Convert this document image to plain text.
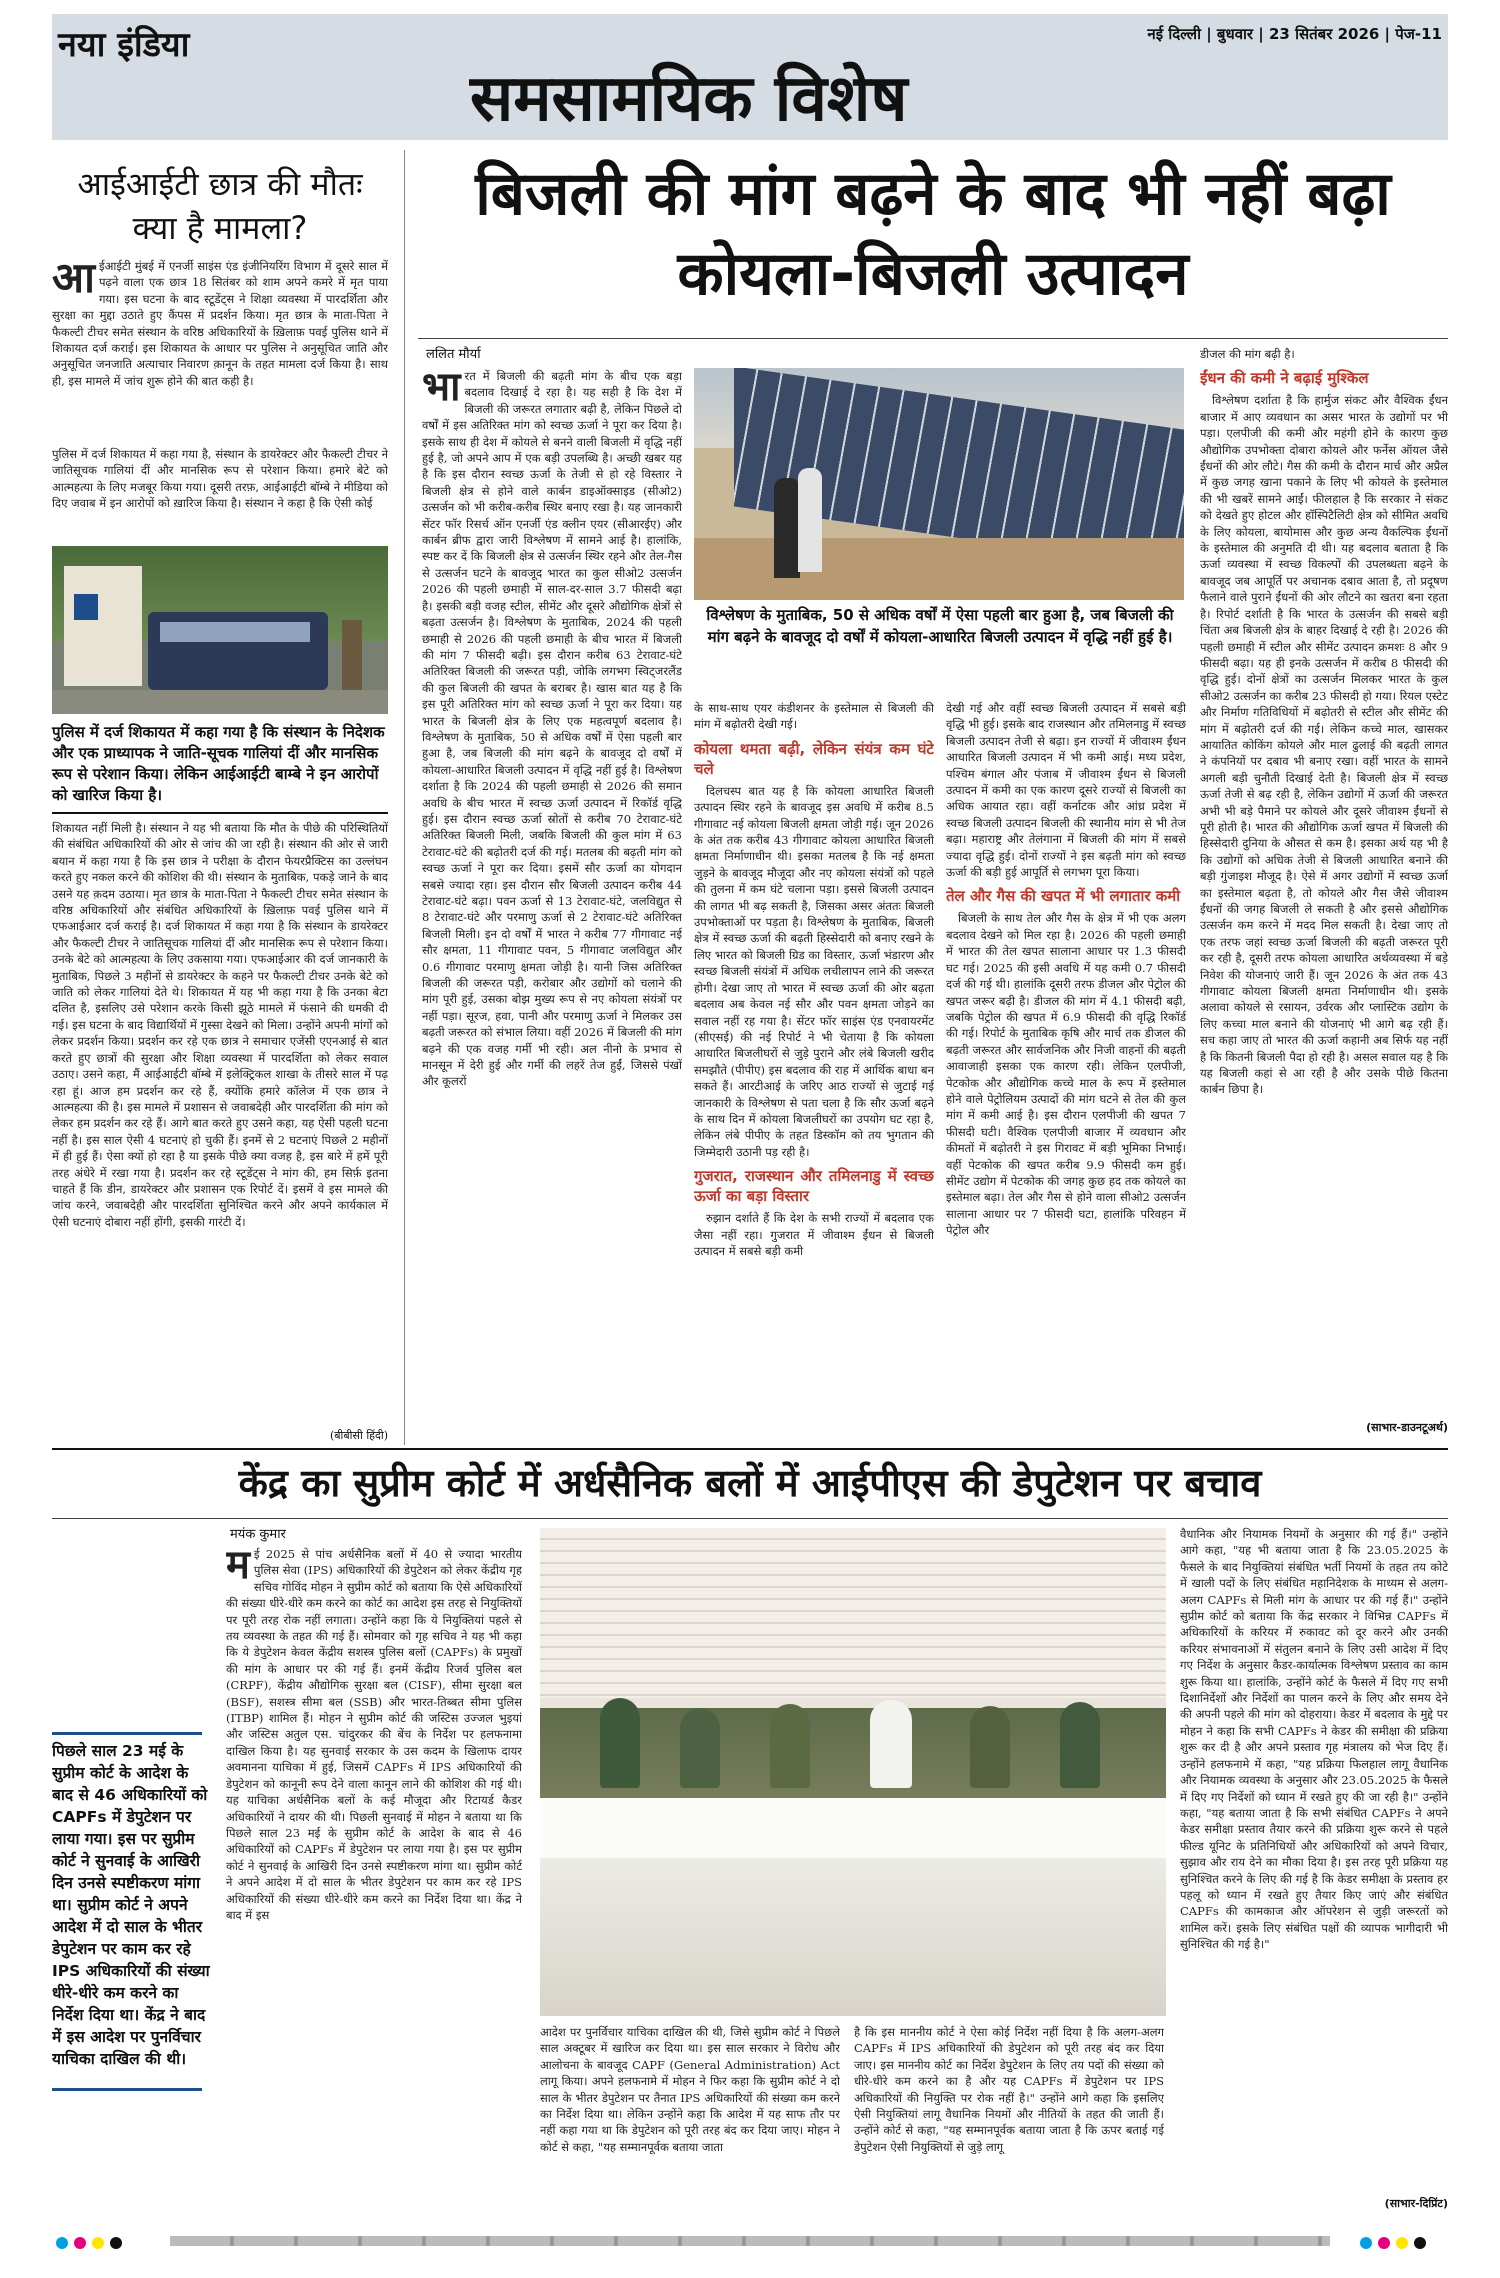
नया इंडिया	नई दिल्ली | बुधवार | 23 सितंबर 2026 | पेज-11
समसामयिक विशेष
आईआईटी छात्र की मौतः क्या है मामला?
आ ईआईटी मुंबई में एनर्जी साइंस एंड इंजीनियरिंग विभाग में दूसरे साल में पढ़ने वाला एक छात्र 18 सितंबर को शाम अपने कमरे में मृत पाया गया। इस घटना के बाद स्टूडेंट्स ने शिक्षा व्यवस्था में पारदर्शिता और सुरक्षा का मुद्दा उठाते हुए कैंपस में प्रदर्शन किया। मृत छात्र के माता-पिता ने फैकल्टी टीचर समेत संस्थान के वरिष्ठ अधिकारियों के ख़िलाफ़ पवई पुलिस थाने में शिकायत दर्ज कराई। इस शिकायत के आधार पर पुलिस ने अनुसूचित जाति और अनुसूचित जनजाति अत्याचार निवारण क़ानून के तहत मामला दर्ज किया है। साथ ही, इस मामले में जांच शुरू होने की बात कही है।
पुलिस में दर्ज शिकायत में कहा गया है, संस्थान के डायरेक्टर और फैकल्टी टीचर ने जातिसूचक गालियां दीं और मानसिक रूप से परेशान किया। हमारे बेटे को आत्महत्या के लिए मजबूर किया गया। दूसरी तरफ़, आईआईटी बॉम्बे ने मीडिया को दिए जवाब में इन आरोपों को ख़ारिज किया है। संस्थान ने कहा है कि ऐसी कोई
पुलिस में दर्ज शिकायत में कहा गया है कि संस्थान के निदेशक और एक प्राध्यापक ने जाति-सूचक गालियां दीं और मानसिक रूप से परेशान किया। लेकिन आईआईटी बाम्बे ने इन आरोपों को खारिज किया है।
शिकायत नहीं मिली है। संस्थान ने यह भी बताया कि मौत के पीछे की परिस्थितियों की संबंधित अधिकारियों की ओर से जांच की जा रही है। संस्थान की ओर से जारी बयान में कहा गया है कि इस छात्र ने परीक्षा के दौरान फेयरप्रैक्टिस का उल्लंघन करते हुए नकल करने की कोशिश की थी। संस्थान के मुताबिक, पकड़े जाने के बाद उसने यह क़दम उठाया। मृत छात्र के माता-पिता ने फैकल्टी टीचर समेत संस्थान के वरिष्ठ अधिकारियों और संबंधित अधिकारियों के ख़िलाफ़ पवई पुलिस थाने में एफआईआर दर्ज कराई है। दर्ज शिकायत में कहा गया है कि संस्थान के डायरेक्टर और फैकल्टी टीचर ने जातिसूचक गालियां दीं और मानसिक रूप से परेशान किया। उनके बेटे को आत्महत्या के लिए उकसाया गया। एफआईआर की दर्ज जानकारी के मुताबिक, पिछले 3 महीनों से डायरेक्टर के कहने पर फैकल्टी टीचर उनके बेटे को जाति को लेकर गालियां देते थे। शिकायत में यह भी कहा गया है कि उनका बेटा दलित है, इसलिए उसे परेशान करके किसी झूठे मामले में फंसाने की धमकी दी गई। इस घटना के बाद विद्यार्थियों में गुस्सा देखने को मिला। उन्होंने अपनी मांगों को लेकर प्रदर्शन किया। प्रदर्शन कर रहे एक छात्र ने समाचार एजेंसी एएनआई से बात करते हुए छात्रों की सुरक्षा और शिक्षा व्यवस्था में पारदर्शिता को लेकर सवाल उठाए। उसने कहा, मैं आईआईटी बॉम्बे में इलेक्ट्रिकल शाखा के तीसरे साल में पढ़ रहा हूं। आज हम प्रदर्शन कर रहे हैं, क्योंकि हमारे कॉलेज में एक छात्र ने आत्महत्या की है। इस मामले में प्रशासन से जवाबदेही और पारदर्शिता की मांग को लेकर हम प्रदर्शन कर रहे हैं। आगे बात करते हुए उसने कहा, यह ऐसी पहली घटना नहीं है। इस साल ऐसी 4 घटनाएं हो चुकी हैं। इनमें से 2 घटनाएं पिछले 2 महीनों में ही हुई हैं। ऐसा क्यों हो रहा है या इसके पीछे क्या वजह है, इस बारे में हमें पूरी तरह अंधेरे में रखा गया है। प्रदर्शन कर रहे स्टूडेंट्स ने मांग की, हम सिर्फ़ इतना चाहते हैं कि डीन, डायरेक्टर और प्रशासन एक रिपोर्ट दें। इसमें वे इस मामले की जांच करने, जवाबदेही और पारदर्शिता सुनिश्चित करने और अपने कार्यकाल में ऐसी घटनाएं दोबारा नहीं होंगी, इसकी गारंटी दें।
(बीबीसी हिंदी)
बिजली की मांग बढ़ने के बाद भी नहीं बढ़ा कोयला-बिजली उत्पादन
ललित मौर्या
भा रत में बिजली की बढ़ती मांग के बीच एक बड़ा बदलाव दिखाई दे रहा है। यह सही है कि देश में बिजली की जरूरत लगातार बढ़ी है, लेकिन पिछले दो वर्षों में इस अतिरिक्त मांग को स्वच्छ ऊर्जा ने पूरा कर दिया है। इसके साथ ही देश में कोयले से बनने वाली बिजली में वृद्धि नहीं हुई है, जो अपने आप में एक बड़ी उपलब्धि है। अच्छी खबर यह है कि इस दौरान स्वच्छ ऊर्जा के तेजी से हो रहे विस्तार ने बिजली क्षेत्र से होने वाले कार्बन डाइऑक्साइड (सीओ2) उत्सर्जन को भी करीब-करीब स्थिर बनाए रखा है। यह जानकारी सेंटर फॉर रिसर्च ऑन एनर्जी एंड क्लीन एयर (सीआरईए) और कार्बन ब्रीफ द्वारा जारी विश्लेषण में सामने आई है। हालांकि, स्पष्ट कर दें कि बिजली क्षेत्र से उत्सर्जन स्थिर रहने और तेल-गैस से उत्सर्जन घटने के बावजूद भारत का कुल सीओ2 उत्सर्जन 2026 की पहली छमाही में साल-दर-साल 3.7 फीसदी बढ़ा है। इसकी बड़ी वजह स्टील, सीमेंट और दूसरे औद्योगिक क्षेत्रों से बढ़ता उत्सर्जन है। विश्लेषण के मुताबिक, 2024 की पहली छमाही से 2026 की पहली छमाही के बीच भारत में बिजली की मांग 7 फीसदी बढ़ी। इस दौरान करीब 63 टेरावाट-घंटे अतिरिक्त बिजली की जरूरत पड़ी, जोकि लगभग स्विट्जरलैंड की कुल बिजली की खपत के बराबर है। खास बात यह है कि इस पूरी अतिरिक्त मांग को स्वच्छ ऊर्जा ने पूरा कर दिया। यह भारत के बिजली क्षेत्र के लिए एक महत्वपूर्ण बदलाव है। विश्लेषण के मुताबिक, 50 से अधिक वर्षों में ऐसा पहली बार हुआ है, जब बिजली की मांग बढ़ने के बावजूद दो वर्षों में कोयला-आधारित बिजली उत्पादन में वृद्धि नहीं हुई है। विश्लेषण दर्शाता है कि 2024 की पहली छमाही से 2026 की समान अवधि के बीच भारत में स्वच्छ ऊर्जा उत्पादन में रिकॉर्ड वृद्धि हुई। इस दौरान स्वच्छ ऊर्जा स्रोतों से करीब 70 टेरावाट-घंटे अतिरिक्त बिजली मिली, जबकि बिजली की कुल मांग में 63 टेरावाट-घंटे की बढ़ोतरी दर्ज की गई। मतलब की बढ़ती मांग को स्वच्छ ऊर्जा ने पूरा कर दिया। इसमें सौर ऊर्जा का योगदान सबसे ज्यादा रहा। इस दौरान सौर बिजली उत्पादन करीब 44 टेरावाट-घंटे बढ़ा। पवन ऊर्जा से 13 टेरावाट-घंटे, जलविद्युत से 8 टेरावाट-घंटे और परमाणु ऊर्जा से 2 टेरावाट-घंटे अतिरिक्त बिजली मिली। इन दो वर्षों में भारत ने करीब 77 गीगावाट नई सौर क्षमता, 11 गीगावाट पवन, 5 गीगावाट जलविद्युत और 0.6 गीगावाट परमाणु क्षमता जोड़ी है। यानी जिस अतिरिक्त बिजली की जरूरत पड़ी, करोबार और उद्योगों को चलाने की मांग पूरी हुई, उसका बोझ मुख्य रूप से नए कोयला संयंत्रों पर नहीं पड़ा। सूरज, हवा, पानी और परमाणु ऊर्जा ने मिलकर उस बढ़ती जरूरत को संभाल लिया। वहीं 2026 में बिजली की मांग बढ़ने की एक वजह गर्मी भी रही। अल नीनो के प्रभाव से मानसून में देरी हुई और गर्मी की लहरें तेज हुईं, जिससे पंखों और कूलरों
विश्लेषण के मुताबिक, 50 से अधिक वर्षों में ऐसा पहली बार हुआ है, जब बिजली की मांग बढ़ने के बावजूद दो वर्षों में कोयला-आधारित बिजली उत्पादन में वृद्धि नहीं हुई है।

के साथ-साथ एयर कंडीशनर के इस्तेमाल से बिजली की मांग में बढ़ोतरी देखी गई।

कोयला थमता बढ़ी, लेकिन संयंत्र कम घंटे चले

दिलचस्प बात यह है कि कोयला आधारित बिजली उत्पादन स्थिर रहने के बावजूद इस अवधि में करीब 8.5 गीगावाट नई कोयला बिजली क्षमता जोड़ी गई। जून 2026 के अंत तक करीब 43 गीगावाट कोयला आधारित बिजली क्षमता निर्माणाधीन थी। इसका मतलब है कि नई क्षमता जुड़ने के बावजूद मौजूदा और नए कोयला संयंत्रों को पहले की तुलना में कम घंटे चलाना पड़ा। इससे बिजली उत्पादन की लागत भी बढ़ सकती है, जिसका असर अंततः बिजली उपभोक्ताओं पर पड़ता है। विश्लेषण के मुताबिक, बिजली क्षेत्र में स्वच्छ ऊर्जा की बढ़ती हिस्सेदारी को बनाए रखने के लिए भारत को बिजली ग्रिड का विस्तार, ऊर्जा भंडारण और स्वच्छ बिजली संयंत्रों में अधिक लचीलापन लाने की जरूरत होगी। देखा जाए तो भारत में स्वच्छ ऊर्जा की ओर बढ़ता बदलाव अब केवल नई सौर और पवन क्षमता जोड़ने का सवाल नहीं रह गया है। सेंटर फॉर साइंस एंड एनवायरमेंट (सीएसई) की नई रिपोर्ट ने भी चेताया है कि कोयला आधारित बिजलीघरों से जुड़े पुराने और लंबे बिजली खरीद समझौते (पीपीए) इस बदलाव की राह में आर्थिक बाधा बन सकते हैं। आरटीआई के जरिए आठ राज्यों से जुटाई गई जानकारी के विश्लेषण से पता चला है कि सौर ऊर्जा बढ़ने के साथ दिन में कोयला बिजलीघरों का उपयोग घट रहा है, लेकिन लंबे पीपीए के तहत डिस्कॉम को तय भुगतान की जिम्मेदारी उठानी पड़ रही है।

गुजरात, राजस्थान और तमिलनाडु में स्वच्छ ऊर्जा का बड़ा विस्तार

रुझान दर्शाते हैं कि देश के सभी राज्यों में बदलाव एक जैसा नहीं रहा। गुजरात में जीवाश्म ईंधन से बिजली उत्पादन में सबसे बड़ी कमी

देखी गई और वहीं स्वच्छ बिजली उत्पादन में सबसे बड़ी वृद्धि भी हुई। इसके बाद राजस्थान और तमिलनाडु में स्वच्छ बिजली उत्पादन तेजी से बढ़ा। इन राज्यों में जीवाश्म ईंधन आधारित बिजली उत्पादन में भी कमी आई। मध्य प्रदेश, पश्चिम बंगाल और पंजाब में जीवाश्म ईंधन से बिजली उत्पादन में कमी का एक कारण दूसरे राज्यों से बिजली का अधिक आयात रहा। वहीं कर्नाटक और आंध्र प्रदेश में स्वच्छ बिजली उत्पादन बिजली की स्थानीय मांग से भी तेज बढ़ा। महाराष्ट्र और तेलंगाना में बिजली की मांग में सबसे ज्यादा वृद्धि हुई। दोनों राज्यों ने इस बढ़ती मांग को स्वच्छ ऊर्जा की बड़ी हुई आपूर्ति से लगभग पूरा किया।

तेल और गैस की खपत में भी लगातार कमी

बिजली के साथ तेल और गैस के क्षेत्र में भी एक अलग बदलाव देखने को मिल रहा है। 2026 की पहली छमाही में भारत की तेल खपत सालाना आधार पर 1.3 फीसदी घट गई। 2025 की इसी अवधि में यह कमी 0.7 फीसदी दर्ज की गई थी। हालांकि दूसरी तरफ डीजल और पेट्रोल की खपत जरूर बढ़ी है। डीजल की मांग में 4.1 फीसदी बढ़ी, जबकि पेट्रोल की खपत में 6.9 फीसदी की वृद्धि रिकॉर्ड की गई। रिपोर्ट के मुताबिक कृषि और मार्च तक डीजल की बढ़ती जरूरत और सार्वजनिक और निजी वाहनों की बढ़ती आवाजाही इसका एक कारण रही। लेकिन एलपीजी, पेटकोक और औद्योगिक कच्चे माल के रूप में इस्तेमाल होने वाले पेट्रोलियम उत्पादों की मांग घटने से तेल की कुल मांग में कमी आई है। इस दौरान एलपीजी की खपत 7 फीसदी घटी। वैश्विक एलपीजी बाजार में व्यवधान और कीमतों में बढ़ोतरी ने इस गिरावट में बड़ी भूमिका निभाई। वहीं पेटकोक की खपत करीब 9.9 फीसदी कम हुई। सीमेंट उद्योग में पेटकोक की जगह कुछ हद तक कोयले का इस्तेमाल बढ़ा। तेल और गैस से होने वाला सीओ2 उत्सर्जन सालाना आधार पर 7 फीसदी घटा, हालांकि परिवहन में पेट्रोल और

डीजल की मांग बढ़ी है।

ईंधन की कमी ने बढ़ाई मुश्किल

विश्लेषण दर्शाता है कि हार्मुज संकट और वैश्विक ईंधन बाजार में आए व्यवधान का असर भारत के उद्योगों पर भी पड़ा। एलपीजी की कमी और महंगी होने के कारण कुछ औद्योगिक उपभोक्ता दोबारा कोयले और फर्नेस ऑयल जैसे ईंधनों की ओर लौटे। गैस की कमी के दौरान मार्च और अप्रैल में कुछ जगह खाना पकाने के लिए भी कोयले के इस्तेमाल की भी खबरें सामने आईं। फीलहाल है कि सरकार ने संकट को देखते हुए होटल और हॉस्पिटैलिटी क्षेत्र को सीमित अवधि के लिए कोयला, बायोमास और कुछ अन्य वैकल्पिक ईंधनों के इस्तेमाल की अनुमति दी थी। यह बदलाव बताता है कि ऊर्जा व्यवस्था में स्वच्छ विकल्पों की उपलब्धता बढ़ने के बावजूद जब आपूर्ति पर अचानक दबाव आता है, तो प्रदूषण फैलाने वाले पुराने ईंधनों की ओर लौटने का खतरा बना रहता है। रिपोर्ट दर्शाती है कि भारत के उत्सर्जन की सबसे बड़ी चिंता अब बिजली क्षेत्र के बाहर दिखाई दे रही है। 2026 की पहली छमाही में स्टील और सीमेंट उत्पादन क्रमशः 8 और 9 फीसदी बढ़ा। यह ही इनके उत्सर्जन में करीब 8 फीसदी की वृद्धि हुई। दोनों क्षेत्रों का उत्सर्जन मिलकर भारत के कुल सीओ2 उत्सर्जन का करीब 23 फीसदी हो गया। रियल एस्टेट और निर्माण गतिविधियों में बढ़ोतरी से स्टील और सीमेंट की मांग में बढ़ोतरी दर्ज की गई। लेकिन कच्चे माल, खासकर आयातित कोकिंग कोयले और माल ढुलाई की बढ़ती लागत ने कंपनियों पर दबाव भी बनाए रखा। वहीं भारत के सामने अगली बड़ी चुनौती दिखाई देती है। बिजली क्षेत्र में स्वच्छ ऊर्जा तेजी से बढ़ रही है, लेकिन उद्योगों में ऊर्जा की जरूरत अभी भी बड़े पैमाने पर कोयले और दूसरे जीवाश्म ईंधनों से पूरी होती है। भारत की औद्योगिक ऊर्जा खपत में बिजली की हिस्सेदारी दुनिया के औसत से कम है। इसका अर्थ यह भी है कि उद्योगों को अधिक तेजी से बिजली आधारित बनाने की बड़ी गुंजाइश मौजूद है। ऐसे में अगर उद्योगों में स्वच्छ ऊर्जा का इस्तेमाल बढ़ता है, तो कोयले और गैस जैसे जीवाश्म ईंधनों की जगह बिजली ले सकती है और इससे औद्योगिक उत्सर्जन कम करने में मदद मिल सकती है। देखा जाए तो एक तरफ जहां स्वच्छ ऊर्जा बिजली की बढ़ती जरूरत पूरी कर रही है, दूसरी तरफ कोयला आधारित अर्थव्यवस्था में बड़े निवेश की योजनाएं जारी हैं। जून 2026 के अंत तक 43 गीगावाट कोयला बिजली क्षमता निर्माणाधीन थी। इसके अलावा कोयले से रसायन, उर्वरक और प्लास्टिक उद्योग के लिए कच्चा माल बनाने की योजनाएं भी आगे बढ़ रही हैं। सच कहा जाए तो भारत की ऊर्जा कहानी अब सिर्फ यह नहीं है कि कितनी बिजली पैदा हो रही है। असल सवाल यह है कि यह बिजली कहां से आ रही है और उसके पीछे कितना कार्बन छिपा है।

(साभार-डाउनटूअर्थ)
केंद्र का सुप्रीम कोर्ट में अर्धसैनिक बलों में आईपीएस की डेपुटेशन पर बचाव
मयंक कुमार
म ई 2025 से पांच अर्धसैनिक बलों में 40 से ज्यादा भारतीय पुलिस सेवा (IPS) अधिकारियों की डेपुटेशन को लेकर केंद्रीय गृह सचिव गोविंद मोहन ने सुप्रीम कोर्ट को बताया कि ऐसे अधिकारियों की संख्या धीरे-धीरे कम करने का कोर्ट का आदेश इस तरह से नियुक्तियों पर पूरी तरह रोक नहीं लगाता। उन्होंने कहा कि ये नियुक्तियां पहले से तय व्यवस्था के तहत की गई हैं। सोमवार को गृह सचिव ने यह भी कहा कि ये डेपुटेशन केवल केंद्रीय सशस्त्र पुलिस बलों (CAPFs) के प्रमुखों की मांग के आधार पर की गई हैं। इनमें केंद्रीय रिजर्व पुलिस बल (CRPF), केंद्रीय औद्योगिक सुरक्षा बल (CISF), सीमा सुरक्षा बल (BSF), सशस्त्र सीमा बल (SSB) और भारत-तिब्बत सीमा पुलिस (ITBP) शामिल हैं। मोहन ने सुप्रीम कोर्ट की जस्टिस उज्जल भुइयां और जस्टिस अतुल एस. चांदुरकर की बेंच के निर्देश पर हलफनामा दाखिल किया है। यह सुनवाई सरकार के उस कदम के खिलाफ दायर अवमानना याचिका में हुई, जिसमें CAPFs में IPS अधिकारियों की डेपुटेशन को कानूनी रूप देने वाला कानून लाने की कोशिश की गई थी। यह याचिका अर्धसैनिक बलों के कई मौजूदा और रिटायर्ड कैडर अधिकारियों ने दायर की थी। पिछली सुनवाई में मोहन ने बताया था कि पिछले साल 23 मई के सुप्रीम कोर्ट के आदेश के बाद से 46 अधिकारियों को CAPFs में डेपुटेशन पर लाया गया है। इस पर सुप्रीम कोर्ट ने सुनवाई के आखिरी दिन उनसे स्पष्टीकरण मांगा था। सुप्रीम कोर्ट ने अपने आदेश में दो साल के भीतर डेपुटेशन पर काम कर रहे IPS अधिकारियों की संख्या धीरे-धीरे कम करने का निर्देश दिया था। केंद्र ने बाद में इस
पिछले साल 23 मई के सुप्रीम कोर्ट के आदेश के बाद से 46 अधिकारियों को CAPFs में डेपुटेशन पर लाया गया। इस पर सुप्रीम कोर्ट ने सुनवाई के आखिरी दिन उनसे स्पष्टीकरण मांगा था। सुप्रीम कोर्ट ने अपने आदेश में दो साल के भीतर डेपुटेशन पर काम कर रहे IPS अधिकारियों की संख्या धीरे-धीरे कम करने का निर्देश दिया था। केंद्र ने बाद में इस आदेश पर पुनर्विचार याचिका दाखिल की थी।
आदेश पर पुनर्विचार याचिका दाखिल की थी, जिसे सुप्रीम कोर्ट ने पिछले साल अक्टूबर में खारिज कर दिया था। इस साल सरकार ने विरोध और आलोचना के बावजूद CAPF (General Administration) Act लागू किया। अपने हलफनामे में मोहन ने फिर कहा कि सुप्रीम कोर्ट ने दो साल के भीतर डेपुटेशन पर तैनात IPS अधिकारियों की संख्या कम करने का निर्देश दिया था। लेकिन उन्होंने कहा कि आदेश में यह साफ तौर पर नहीं कहा गया था कि डेपुटेशन को पूरी तरह बंद कर दिया जाए। मोहन ने कोर्ट से कहा, "यह सम्मानपूर्वक बताया जाता
है कि इस माननीय कोर्ट ने ऐसा कोई निर्देश नहीं दिया है कि अलग-अलग CAPFs में IPS अधिकारियों की डेपुटेशन को पूरी तरह बंद कर दिया जाए। इस माननीय कोर्ट का निर्देश डेपुटेशन के लिए तय पदों की संख्या को धीरे-धीरे कम करने का है और यह CAPFs में डेपुटेशन पर IPS अधिकारियों की नियुक्ति पर रोक नहीं है।" उन्होंने आगे कहा कि इसलिए ऐसी नियुक्तियां लागू वैधानिक नियमों और नीतियों के तहत की जाती हैं। उन्होंने कोर्ट से कहा, "यह सम्मानपूर्वक बताया जाता है कि ऊपर बताई गई डेपुटेशन ऐसी नियुक्तियों से जुड़े लागू
वैधानिक और नियामक नियमों के अनुसार की गई हैं।" उन्होंने आगे कहा, "यह भी बताया जाता है कि 23.05.2025 के फैसले के बाद नियुक्तियां संबंधित भर्ती नियमों के तहत तय कोटे में खाली पदों के लिए संबंधित महानिदेशक के माध्यम से अलग-अलग CAPFs से मिली मांग के आधार पर की गई हैं।" उन्होंने सुप्रीम कोर्ट को बताया कि केंद्र सरकार ने विभिन्न CAPFs में अधिकारियों के करियर में रुकावट को दूर करने और उनकी करियर संभावनाओं में संतुलन बनाने के लिए उसी आदेश में दिए गए निर्देश के अनुसार कैडर-कार्यात्मक विश्लेषण प्रस्ताव का काम शुरू किया था। हालांकि, उन्होंने कोर्ट के फैसले में दिए गए सभी दिशानिर्देशों और निर्देशों का पालन करने के लिए और समय देने की अपनी पहले की मांग को दोहराया। केडर में बदलाव के मुद्दे पर मोहन ने कहा कि सभी CAPFs ने केडर की समीक्षा की प्रक्रिया शुरू कर दी है और अपने प्रस्ताव गृह मंत्रालय को भेज दिए हैं। उन्होंने हलफनामे में कहा, "यह प्रक्रिया फिलहाल लागू वैधानिक और नियामक व्यवस्था के अनुसार और 23.05.2025 के फैसले में दिए गए निर्देशों को ध्यान में रखते हुए की जा रही है।" उन्होंने कहा, "यह बताया जाता है कि सभी संबंधित CAPFs ने अपने केडर समीक्षा प्रस्ताव तैयार करने की प्रक्रिया शुरू करने से पहले फील्ड यूनिट के प्रतिनिधियों और अधिकारियों को अपने विचार, सुझाव और राय देने का मौका दिया है। इस तरह पूरी प्रक्रिया यह सुनिश्चित करने के लिए की गई है कि केडर समीक्षा के प्रस्ताव हर पहलू को ध्यान में रखते हुए तैयार किए जाएं और संबंधित CAPFs की कामकाज और ऑपरेशन से जुड़ी जरूरतों को शामिल करें। इसके लिए संबंधित पक्षों की व्यापक भागीदारी भी सुनिश्चित की गई है।"
(साभार-दिप्रिंट)
